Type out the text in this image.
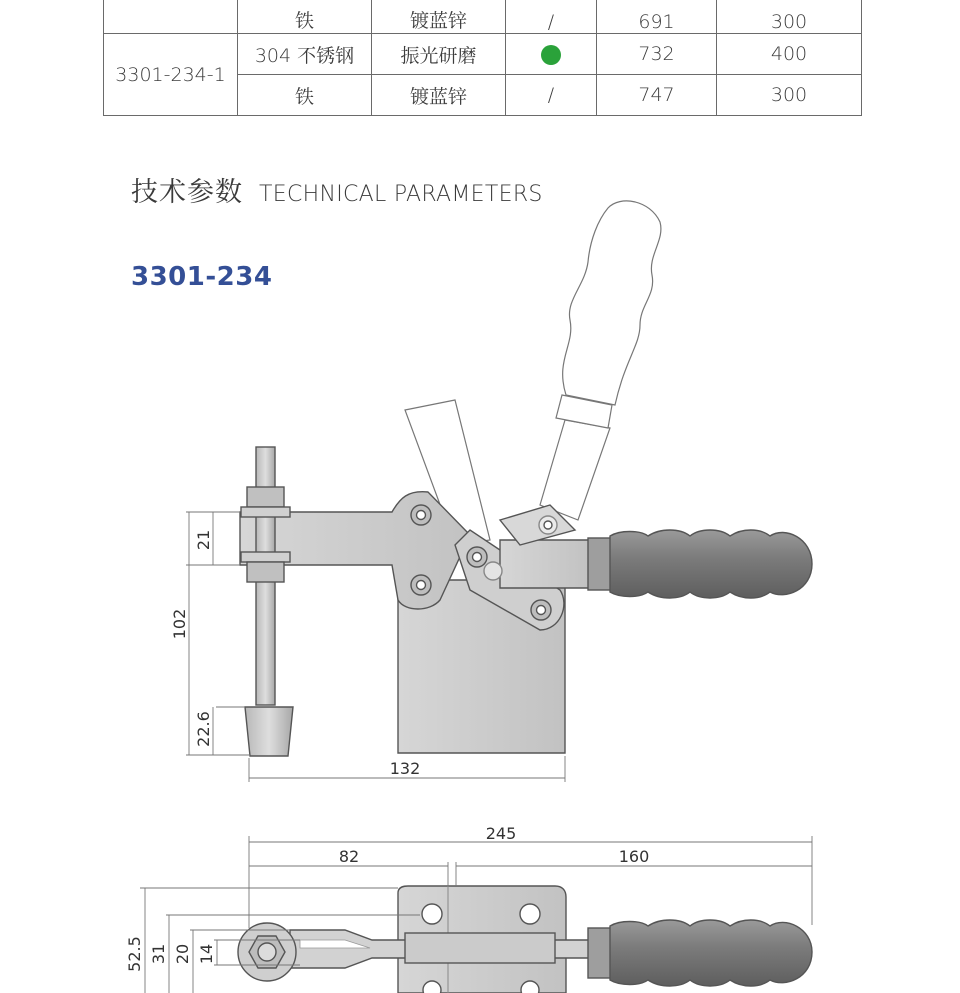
	铁	镀蓝锌	/	691	300
3301-234-1	304 不锈钢	振光研磨		732	400
	铁	镀蓝锌	/	747	300
技术参数 TECHNICAL PARAMETERS
3301-234
21
102
22.6
132
245
82	160
52.5 31 20 14
